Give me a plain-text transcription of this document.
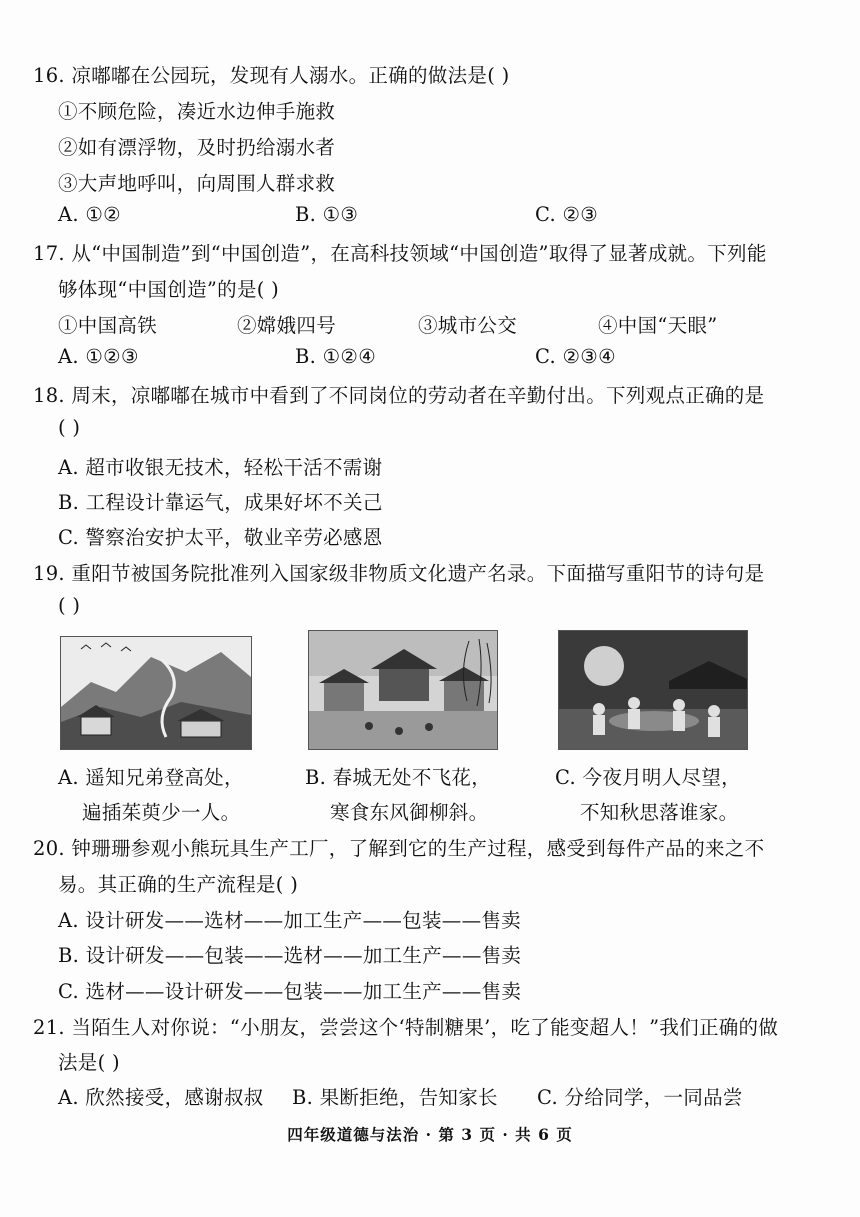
16. 凉嘟嘟在公园玩，发现有人溺水。正确的做法是( )
①不顾危险，凑近水边伸手施救
②如有漂浮物，及时扔给溺水者
③大声地呼叫，向周围人群求救
A. ①②	B. ①③	C. ②③
17. 从“中国制造”到“中国创造”，在高科技领域“中国创造”取得了显著成就。下列能
够体现“中国创造”的是( )
①中国高铁	②嫦娥四号	③城市公交	④中国“天眼”
A. ①②③	B. ①②④	C. ②③④
18. 周末，凉嘟嘟在城市中看到了不同岗位的劳动者在辛勤付出。下列观点正确的是
( )
A. 超市收银无技术，轻松干活不需谢
B. 工程设计靠运气，成果好坏不关己
C. 警察治安护太平，敬业辛劳必感恩
19. 重阳节被国务院批准列入国家级非物质文化遗产名录。下面描写重阳节的诗句是
( )
A. 遥知兄弟登高处，
遍插茱萸少一人。
B. 春城无处不飞花，
寒食东风御柳斜。
C. 今夜月明人尽望，
不知秋思落谁家。
20. 钟珊珊参观小熊玩具生产工厂，了解到它的生产过程，感受到每件产品的来之不
易。其正确的生产流程是( )
A. 设计研发——选材——加工生产——包装——售卖
B. 设计研发——包装——选材——加工生产——售卖
C. 选材——设计研发——包装——加工生产——售卖
21. 当陌生人对你说：“小朋友，尝尝这个‘特制糖果’，吃了能变超人！”我们正确的做
法是( )
A. 欣然接受，感谢叔叔 B. 果断拒绝，告知家长 C. 分给同学，一同品尝
四年级道德与法治 · 第 3 页 · 共 6 页
